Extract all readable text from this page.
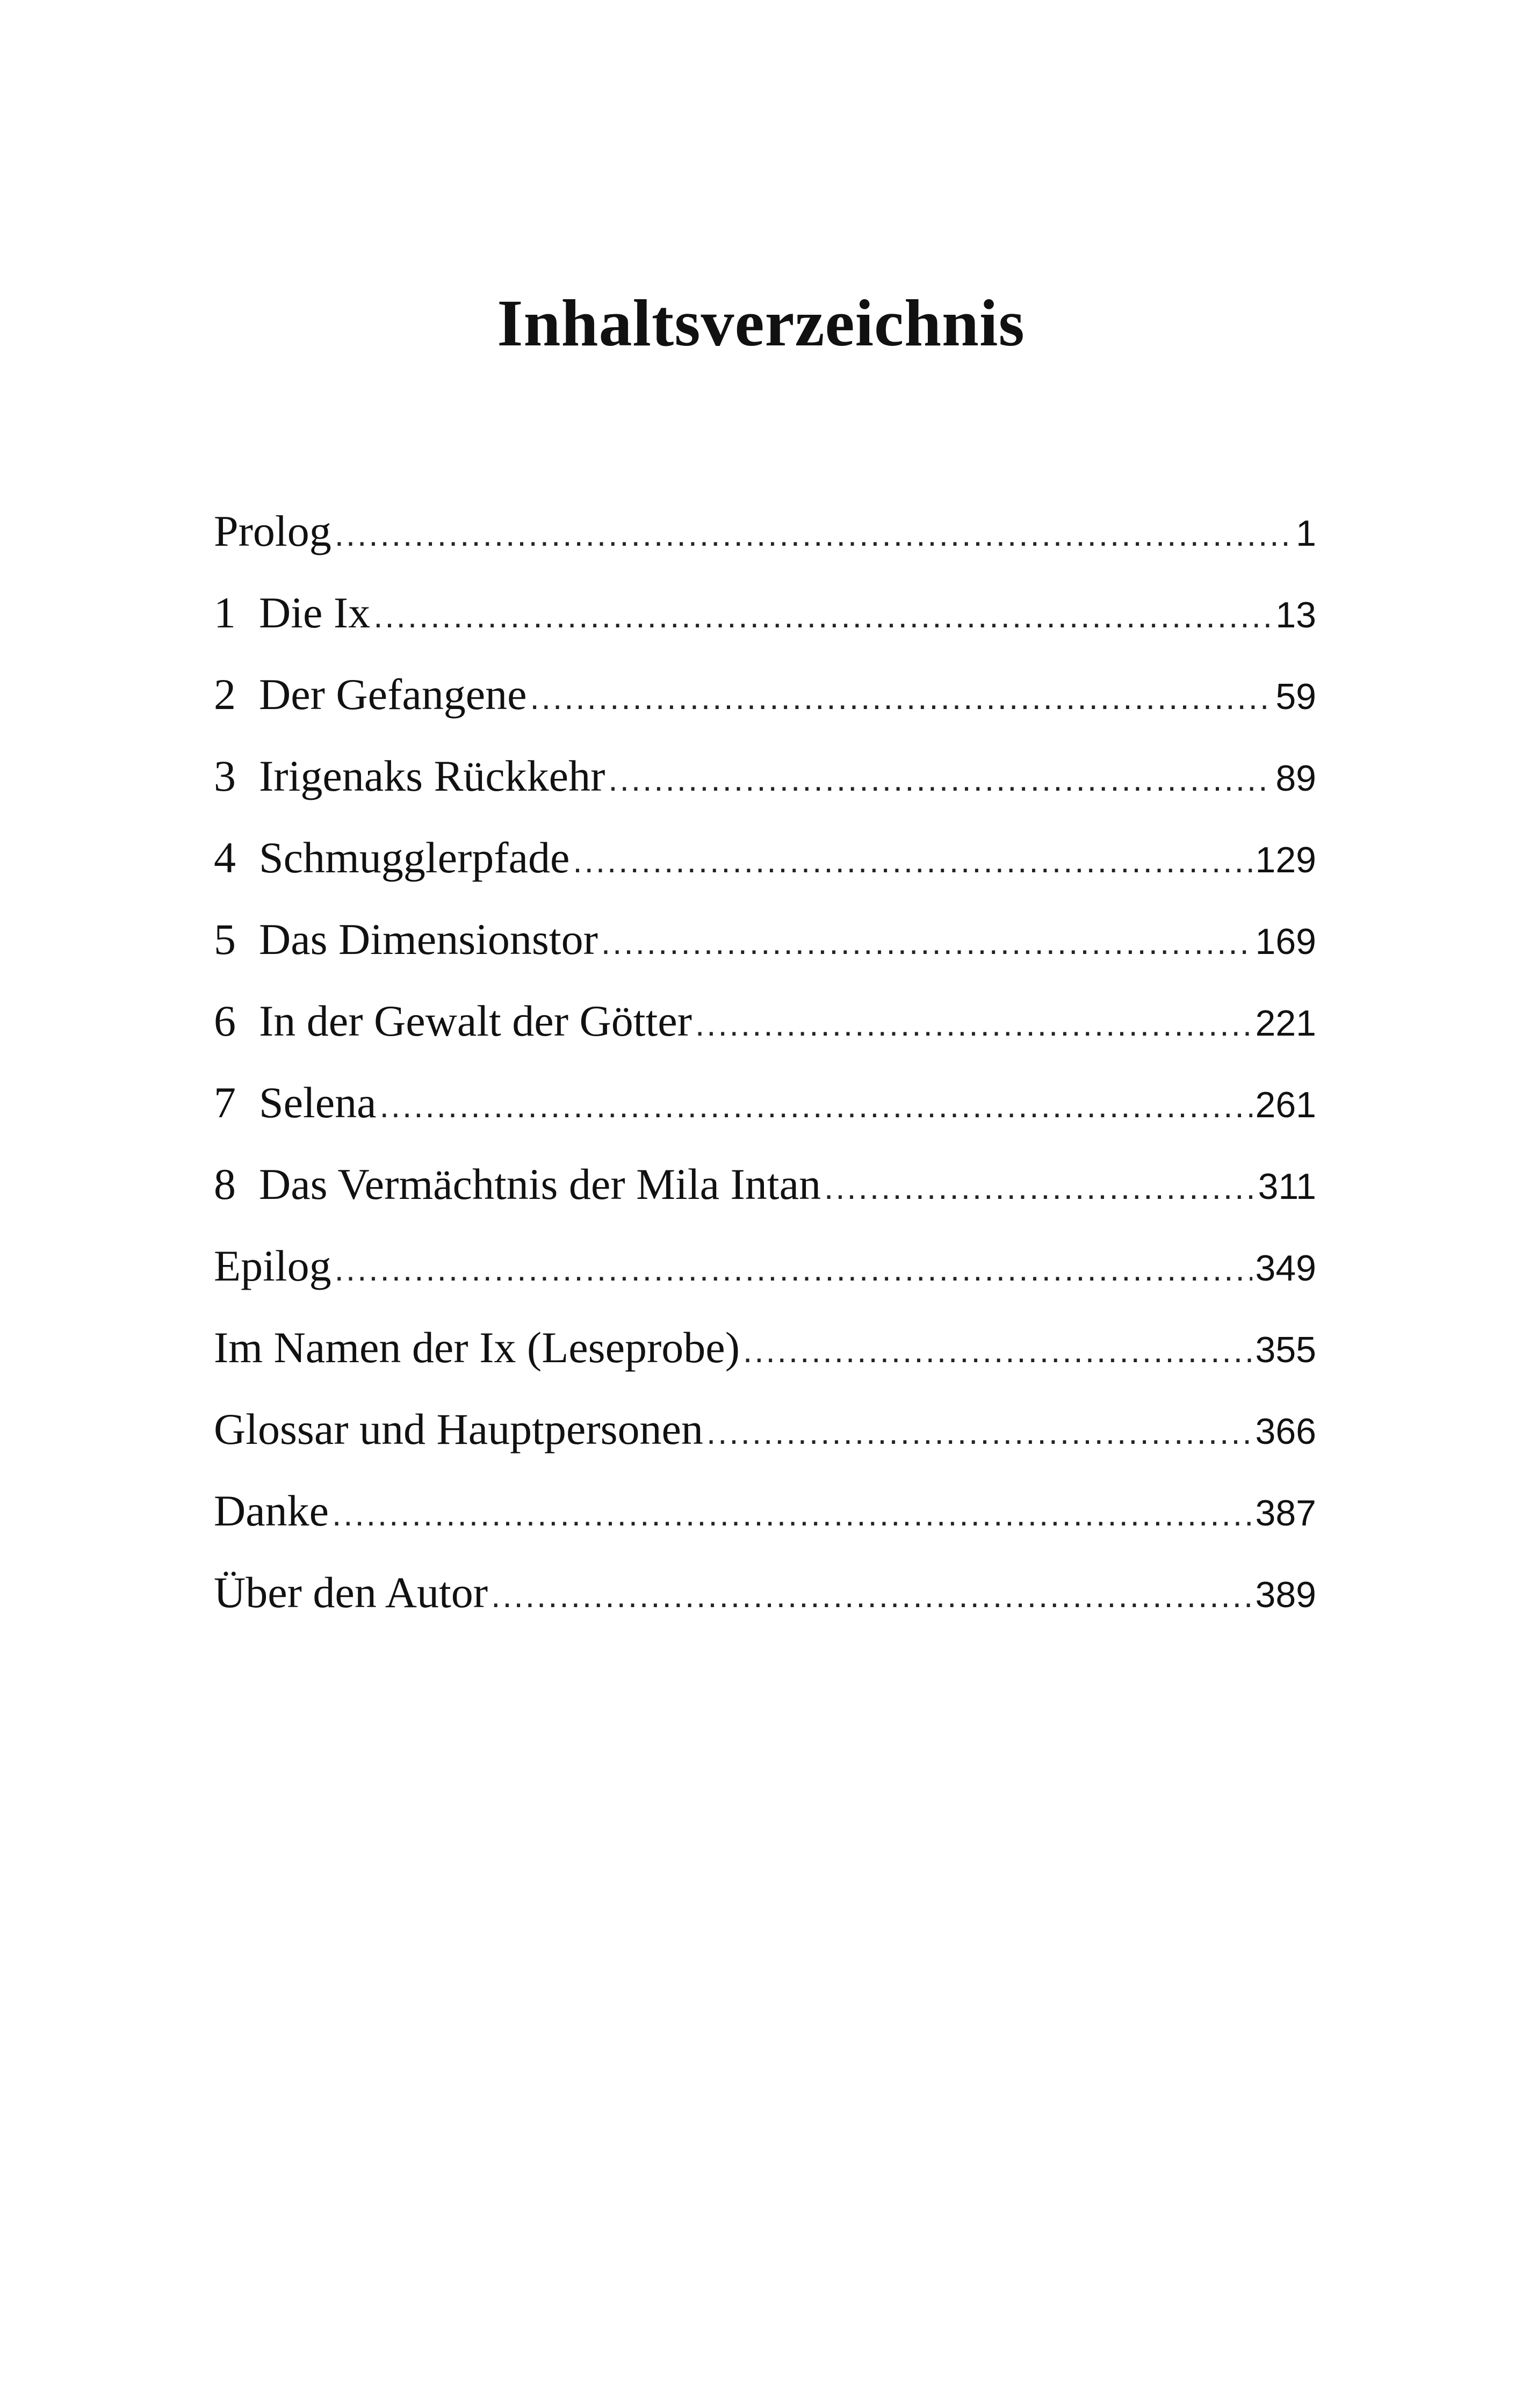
Inhaltsverzeichnis
Prolog .....	1
1 Die Ix .....	13
2 Der Gefangene .....	59
3 Irigenaks Rückkehr .....	89
4 Schmugglerpfade .....	129
5 Das Dimensionstor .....	169
6 In der Gewalt der Götter .....	221
7 Selena .....	261
8 Das Vermächtnis der Mila Intan .....	311
Epilog .....	349
Im Namen der Ix (Leseprobe) .....	355
Glossar und Hauptpersonen .....	366
Danke .....	387
Über den Autor .....	389
